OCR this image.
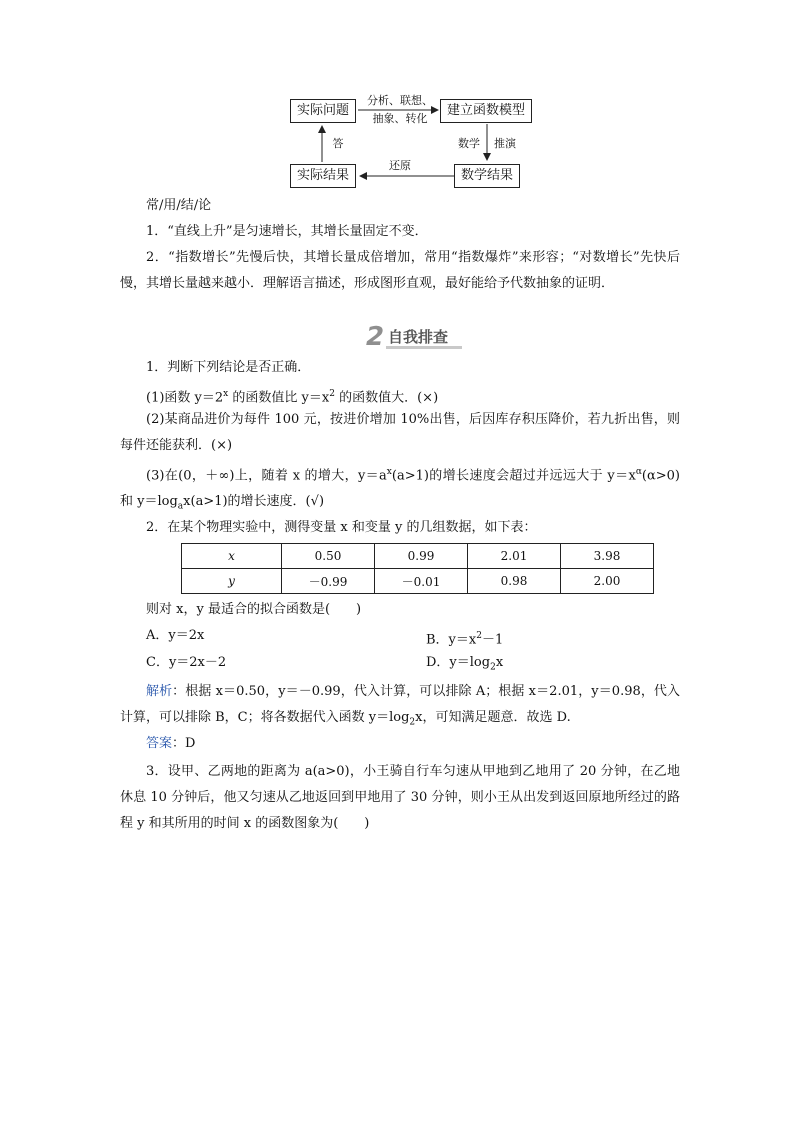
实际问题	建立函数模型
实际结果	数学结果
分析、联想、
抽象、转化
数学	推演
还原
答
常/用/结/论
1．“直线上升”是匀速增长，其增长量固定不变．
2．“指数增长”先慢后快，其增长量成倍增加，常用“指数爆炸”来形容；“对数增长”先快后慢，其增长量越来越小．理解语言描述，形成图形直观，最好能给予代数抽象的证明．
2 自我排查
1．判断下列结论是否正确．
(1)函数 $y=2^x$ 的函数值比 $y=x^2$ 的函数值大．(×)
(2)某商品进价为每件 100 元，按进价增加 10%出售，后因库存积压降价，若九折出售，则每件还能获利．(×)
(3)在(0，＋∞)上，随着 x 的增大，$y=a^x(a>1)$的增长速度会超过并远远大于 $y=x^\alpha(\alpha>0)$和 $y=\log_ax(a>1)$的增长速度．(√)
2．在某个物理实验中，测得变量 x 和变量 y 的几组数据，如下表：
x	0.50	0.99	2.01	3.98
y	－0.99	－0.01	0.98	2.00
则对 x，y 最适合的拟合函数是(　　)
A．y＝2x	B．$y=x^2-1$
C．y＝2x－2	D．$y=\log_2x$
解析：根据 x＝0.50，y＝－0.99，代入计算，可以排除 A；根据 x＝2.01，y＝0.98，代入计算，可以排除 B，C；将各数据代入函数 $y=\log_2x$，可知满足题意．故选 D.
答案：D
3．设甲、乙两地的距离为 a(a>0)，小王骑自行车匀速从甲地到乙地用了 20 分钟，在乙地休息 10 分钟后，他又匀速从乙地返回到甲地用了 30 分钟，则小王从出发到返回原地所经过的路程 y 和其所用的时间 x 的函数图象为(　　)
